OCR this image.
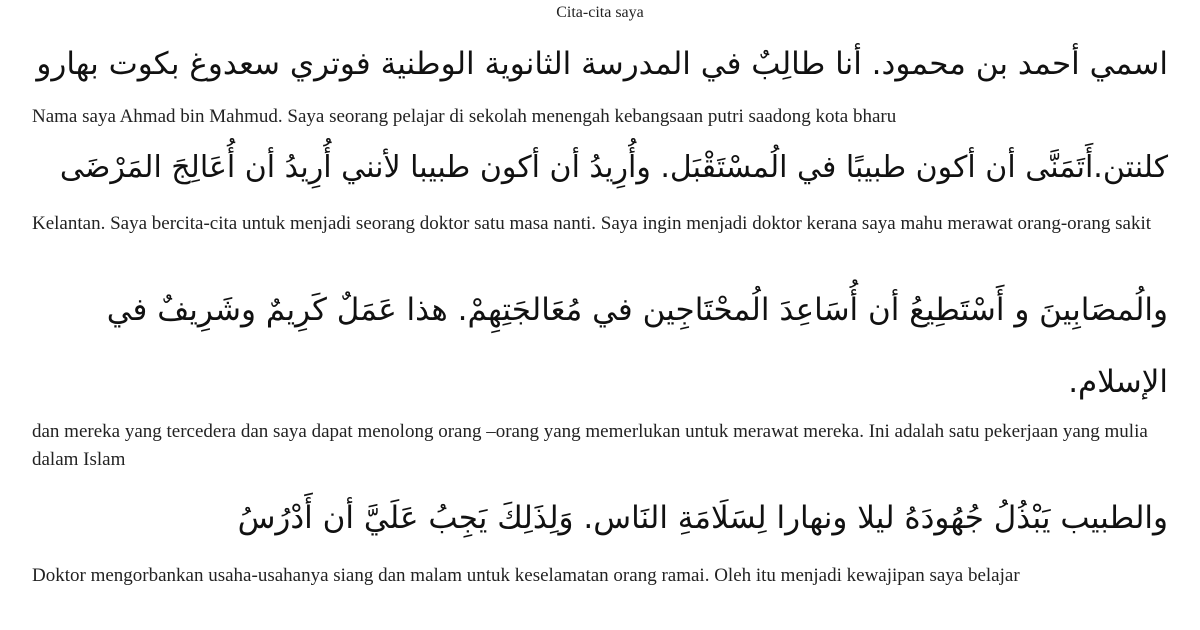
Cita-cita saya
اسمي أحمد بن محمود. أنا طالِبٌ في المدرسة الثانوية الوطنية فوتري سعدوغ بكوت بهارو
Nama saya Ahmad bin Mahmud. Saya seorang pelajar di sekolah menengah kebangsaan putri saadong kota bharu
كلنتن.أَتَمَنَّى أن أكون طبيبًا في الُمسْتَقْبَل. وأُرِيدُ أن أكون طبيبا لأنني أُرِيدُ أن أُعَالِجَ المَرْضَى
Kelantan. Saya bercita-cita untuk menjadi seorang doktor satu masa nanti. Saya ingin menjadi doktor kerana saya mahu merawat orang-orang sakit
والُمصَابِينَ و أَسْتَطِيعُ أن أُسَاعِدَ الُمحْتَاجِين في مُعَالجَتِهِمْ. هذا عَمَلٌ كَرِيمٌ وشَرِيفٌ في
الإسلام.
dan mereka yang tercedera dan saya dapat menolong orang –orang yang memerlukan untuk merawat mereka. Ini adalah satu pekerjaan yang mulia dalam Islam
والطبيب يَبْذُلُ جُهُودَهُ ليلا ونهارا لِسَلَامَةِ النَاس. وَلِذَلِكَ يَجِبُ عَلَيَّ أن أَدْرُسُ
Doktor mengorbankan usaha-usahanya siang dan malam untuk keselamatan orang ramai. Oleh itu menjadi kewajipan saya belajar
